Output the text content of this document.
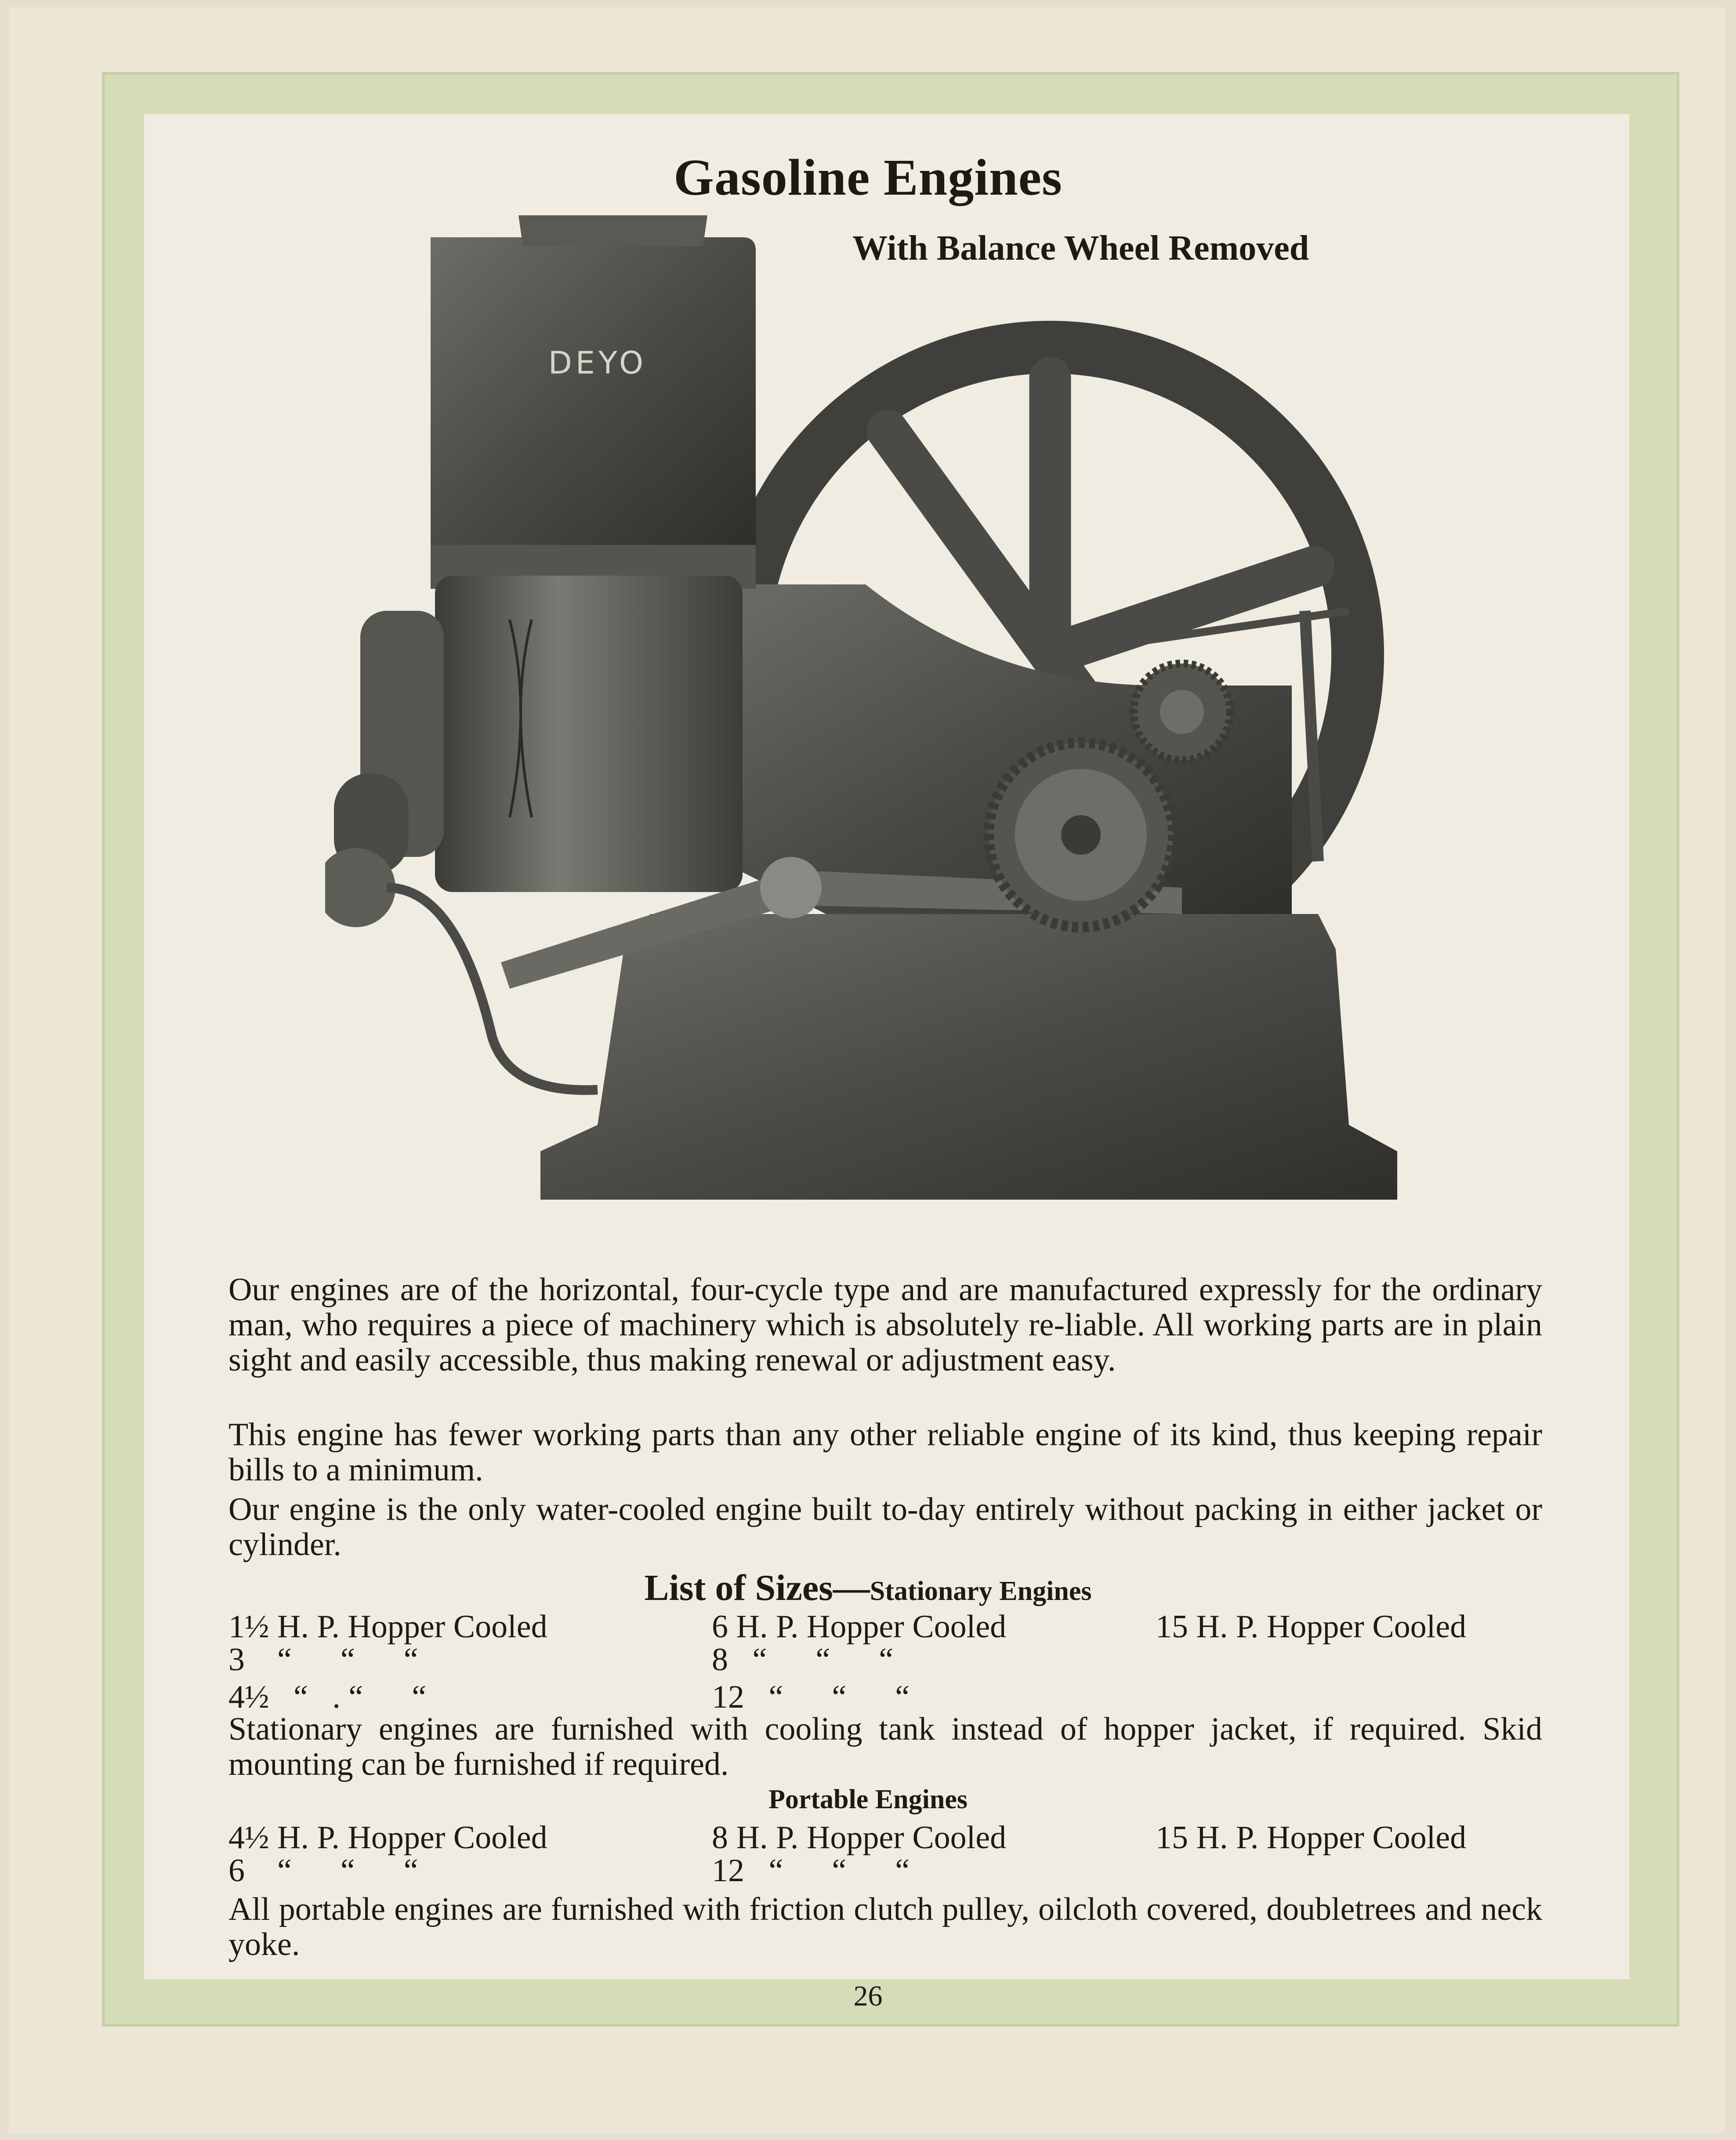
Gasoline Engines
With Balance Wheel Removed
DEYO
Our engines are of the horizontal, four-cycle type and are manufactured expressly for the ordinary man, who requires a piece of machinery which is absolutely re-liable. All working parts are in plain sight and easily accessible, thus making renewal or adjustment easy.
This engine has fewer working parts than any other reliable engine of its kind, thus keeping repair bills to a minimum.
Our engine is the only water-cooled engine built to-day entirely without packing in either jacket or cylinder.
List of Sizes—Stationary Engines
1½ H. P. Hopper Cooled	6 H. P. Hopper Cooled	15 H. P. Hopper Cooled
3    “      “      “	8   “      “      “
4½   “   . “      “	12   “      “      “
Stationary engines are furnished with cooling tank instead of hopper jacket, if required. Skid mounting can be furnished if required.
Portable Engines
4½ H. P. Hopper Cooled	8 H. P. Hopper Cooled	15 H. P. Hopper Cooled
6    “      “      “	12   “      “      “
All portable engines are furnished with friction clutch pulley, oilcloth covered, doubletrees and neck yoke.
26
